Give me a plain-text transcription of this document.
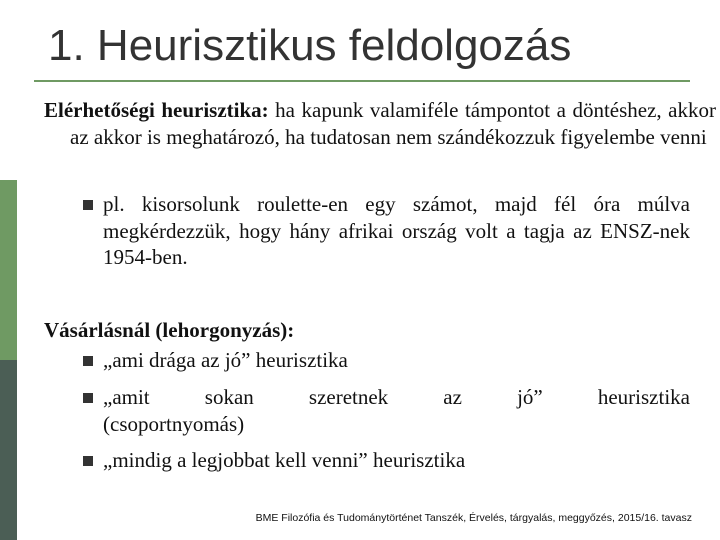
1. Heurisztikus feldolgozás
Elérhetőségi heurisztika: ha kapunk valamiféle támpontot a döntéshez, akkor az akkor is meghatározó, ha tudatosan nem szándékozzuk figyelembe venni
pl. kisorsolunk roulette-en egy számot, majd fél óra múlva megkérdezzük, hogy hány afrikai ország volt a tagja az ENSZ-nek 1954-ben.
Vásárlásnál (lehorgonyzás):
„ami drága az jó” heurisztika
„amit sokan szeretnek az jó” heurisztika
(csoportnyomás)
„mindig a legjobbat kell venni” heurisztika
BME Filozófia és Tudománytörténet Tanszék, Érvelés, tárgyalás, meggyőzés, 2015/16. tavasz
